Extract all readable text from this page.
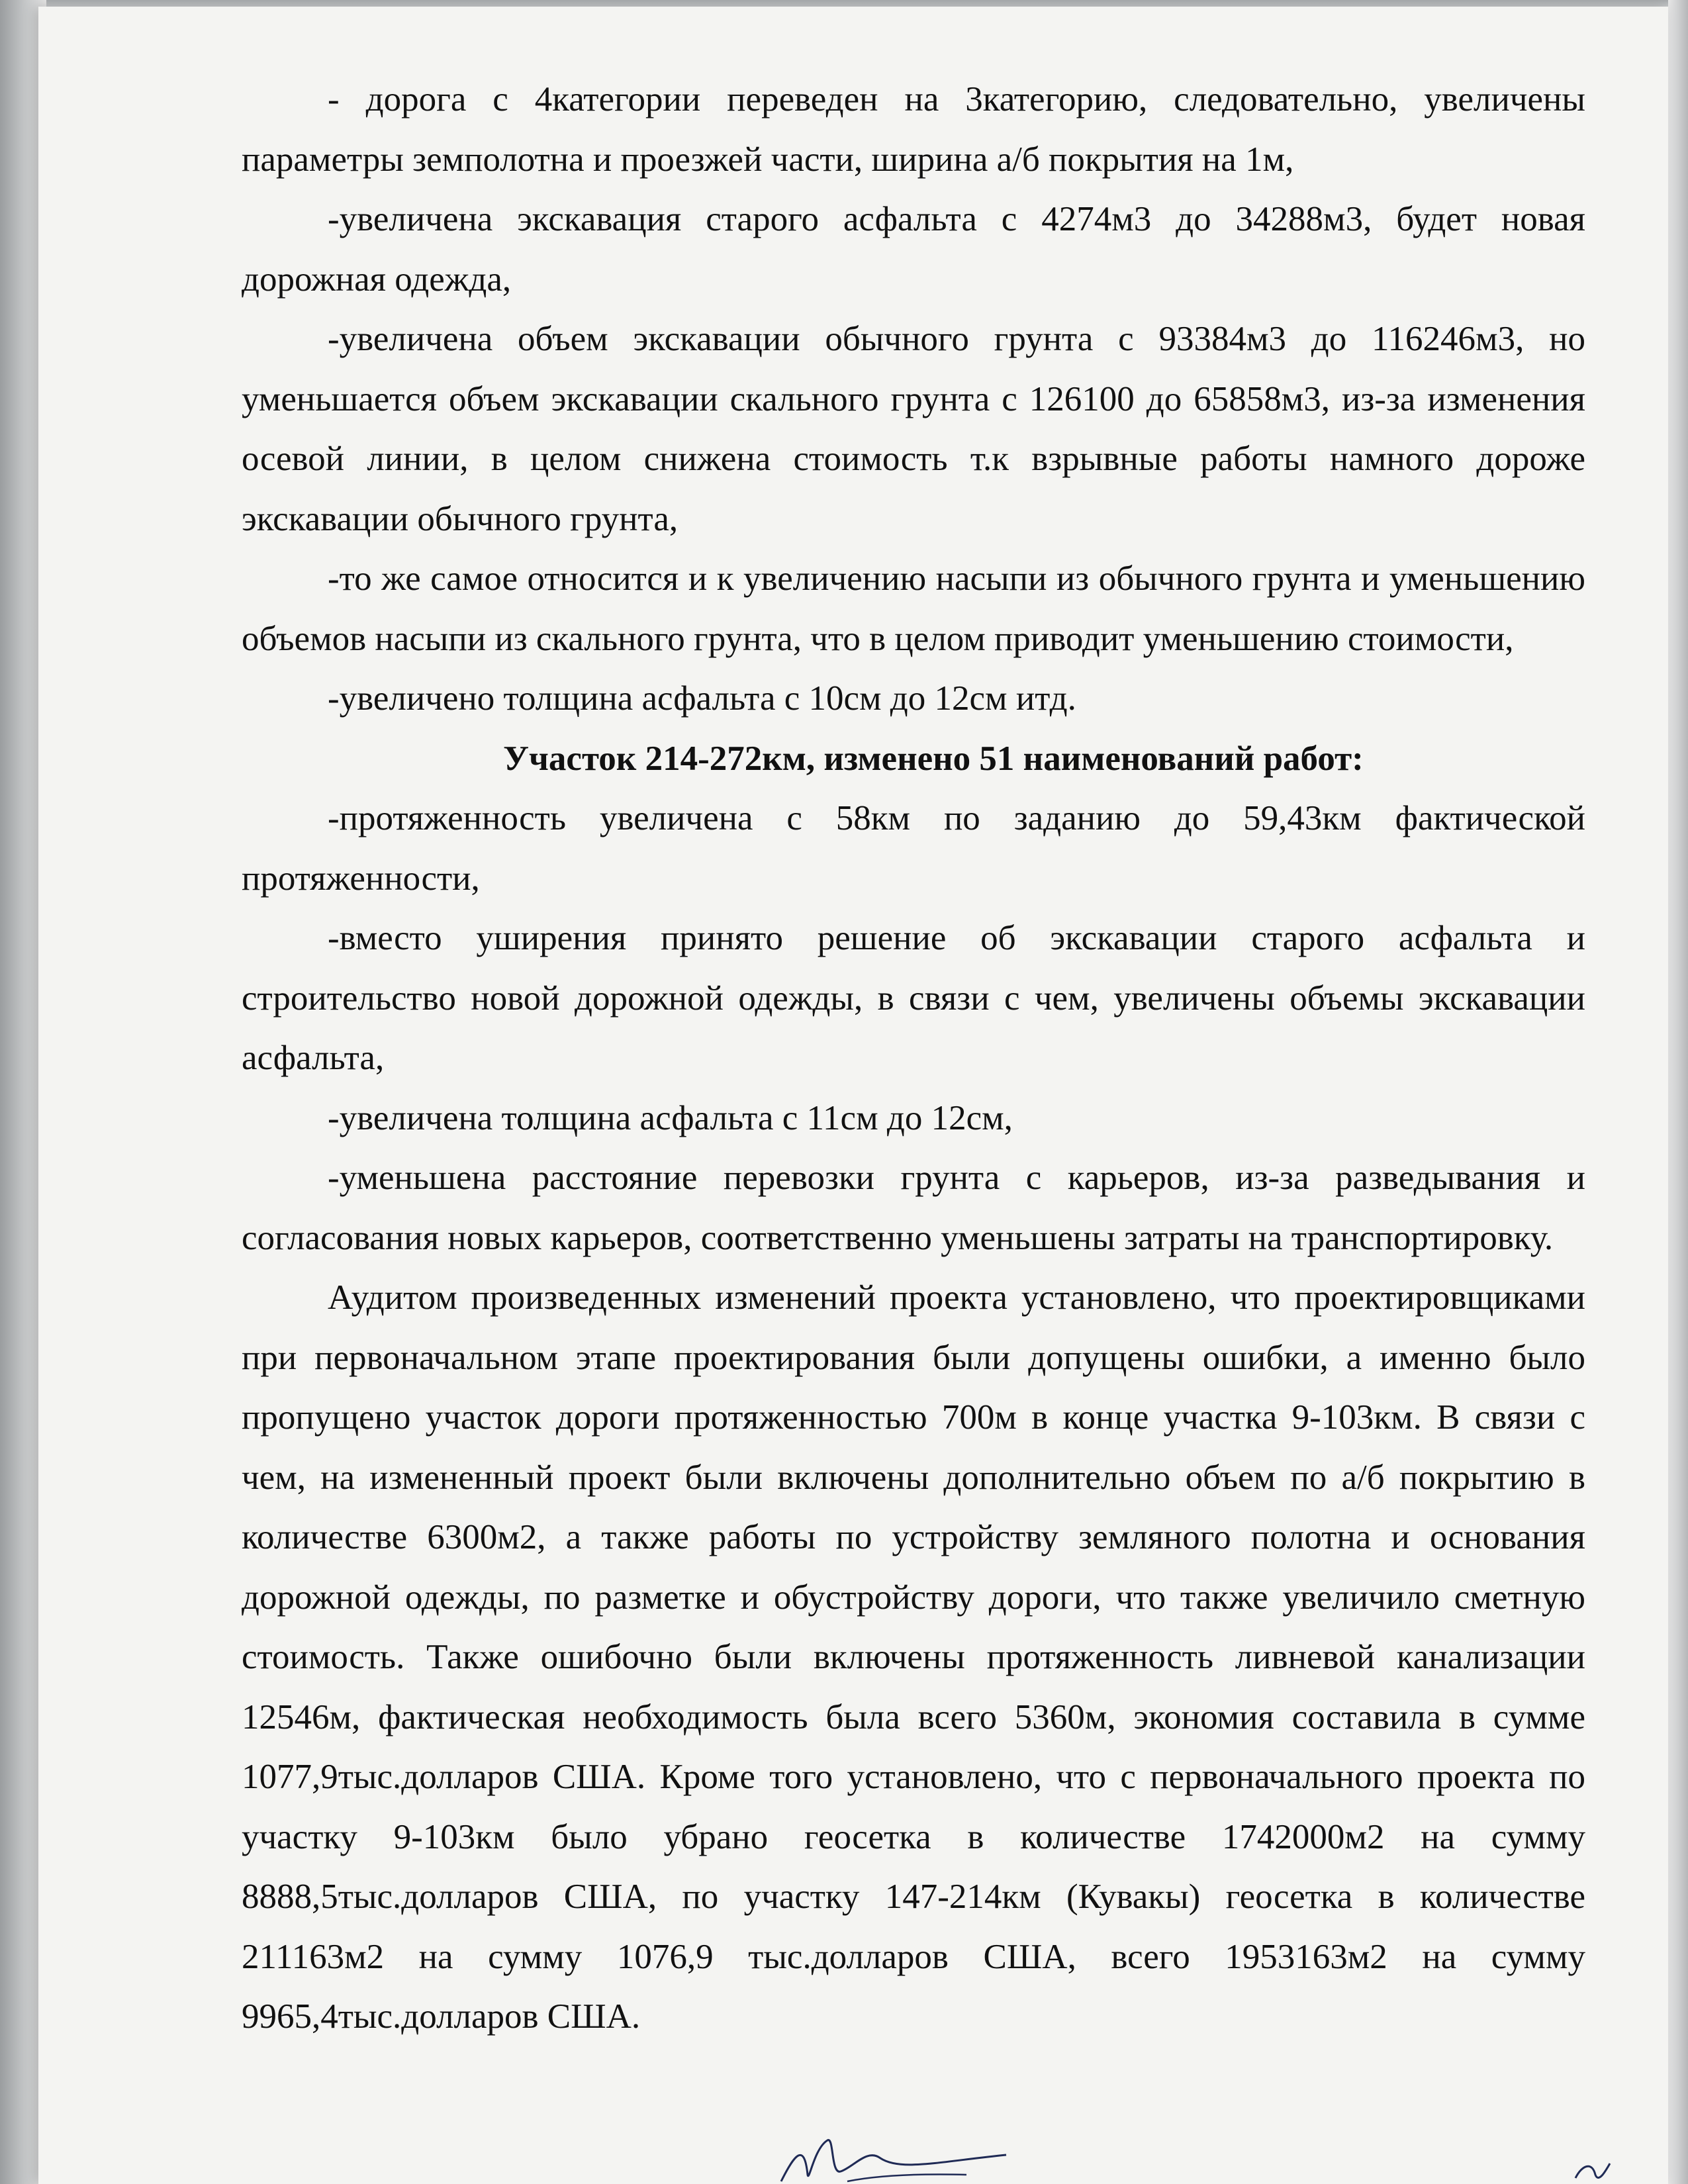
- дорога с 4категории переведен на 3категорию, следовательно, увеличены параметры земполотна и проезжей части, ширина а/б покрытия на 1м,

-увеличена экскавация старого асфальта с 4274м3 до 34288м3, будет новая дорожная одежда,

-увеличена объем экскавации обычного грунта с 93384м3 до 116246м3, но уменьшается объем экскавации скального грунта с 126100 до 65858м3, из-за изменения осевой линии, в целом снижена стоимость т.к взрывные работы намного дороже экскавации обычного грунта,

-то же самое относится и к увеличению насыпи из обычного грунта и уменьшению объемов насыпи из скального грунта, что в целом приводит уменьшению стоимости,

-увеличено толщина асфальта с 10см до 12см итд.

Участок 214-272км, изменено 51 наименований работ:

-протяженность увеличена с 58км по заданию до 59,43км фактической протяженности,

-вместо уширения принято решение об экскавации старого асфальта и строительство новой дорожной одежды, в связи с чем, увеличены объемы экскавации асфальта,

-увеличена толщина асфальта с 11см до 12см,

-уменьшена расстояние перевозки грунта с карьеров, из-за разведывания и согласования новых карьеров, соответственно уменьшены затраты на транспортировку.

Аудитом произведенных изменений проекта установлено, что проектировщиками при первоначальном этапе проектирования были допущены ошибки, а именно было пропущено участок дороги протяженностью 700м в конце участка 9-103км. В связи с чем, на измененный проект были включены дополнительно объем по а/б покрытию в количестве 6300м2, а также работы по устройству земляного полотна и основания дорожной одежды, по разметке и обустройству дороги, что также увеличило сметную стоимость. Также ошибочно были включены протяженность ливневой канализации 12546м, фактическая необходимость была всего 5360м, экономия составила в сумме 1077,9тыс.долларов США. Кроме того установлено, что с первоначального проекта по участку 9-103км было убрано геосетка в количестве 1742000м2 на сумму 8888,5тыс.долларов США, по участку 147-214км (Кувакы) геосетка в количестве 211163м2 на сумму 1076,9 тыс.долларов США, всего 1953163м2 на сумму 9965,4тыс.долларов США.
